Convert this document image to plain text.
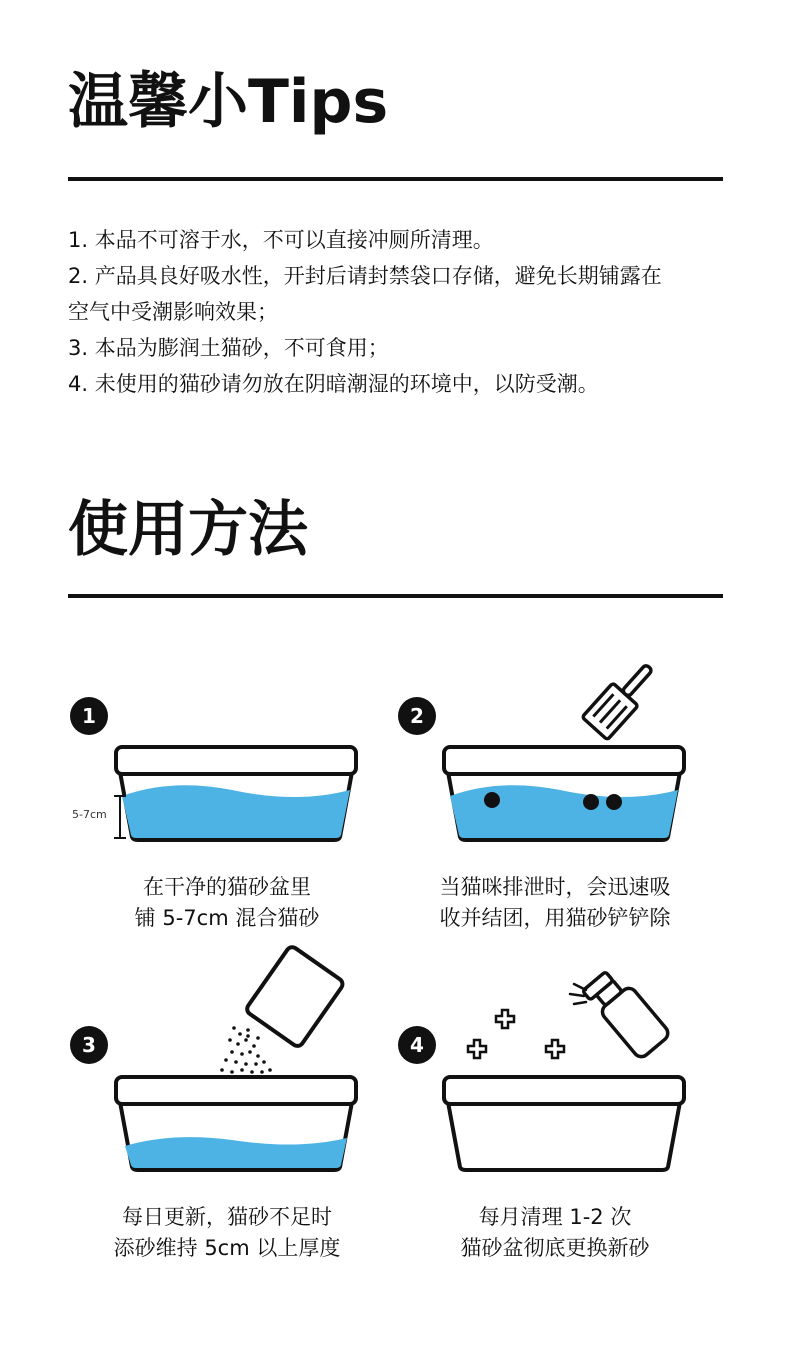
温馨小Tips
1. 本品不可溶于水，不可以直接冲厕所清理。
2. 产品具良好吸水性，开封后请封禁袋口存储，避免长期铺露在
空气中受潮影响效果；
3. 本品为膨润土猫砂，不可食用；
4. 未使用的猫砂请勿放在阴暗潮湿的环境中，以防受潮。
使用方法
1
5-7cm
在干净的猫砂盆里
铺 5-7cm 混合猫砂
2
当猫咪排泄时，会迅速吸
收并结团，用猫砂铲铲除
3
每日更新，猫砂不足时
添砂维持 5cm 以上厚度
4
每月清理 1-2 次
猫砂盆彻底更换新砂
